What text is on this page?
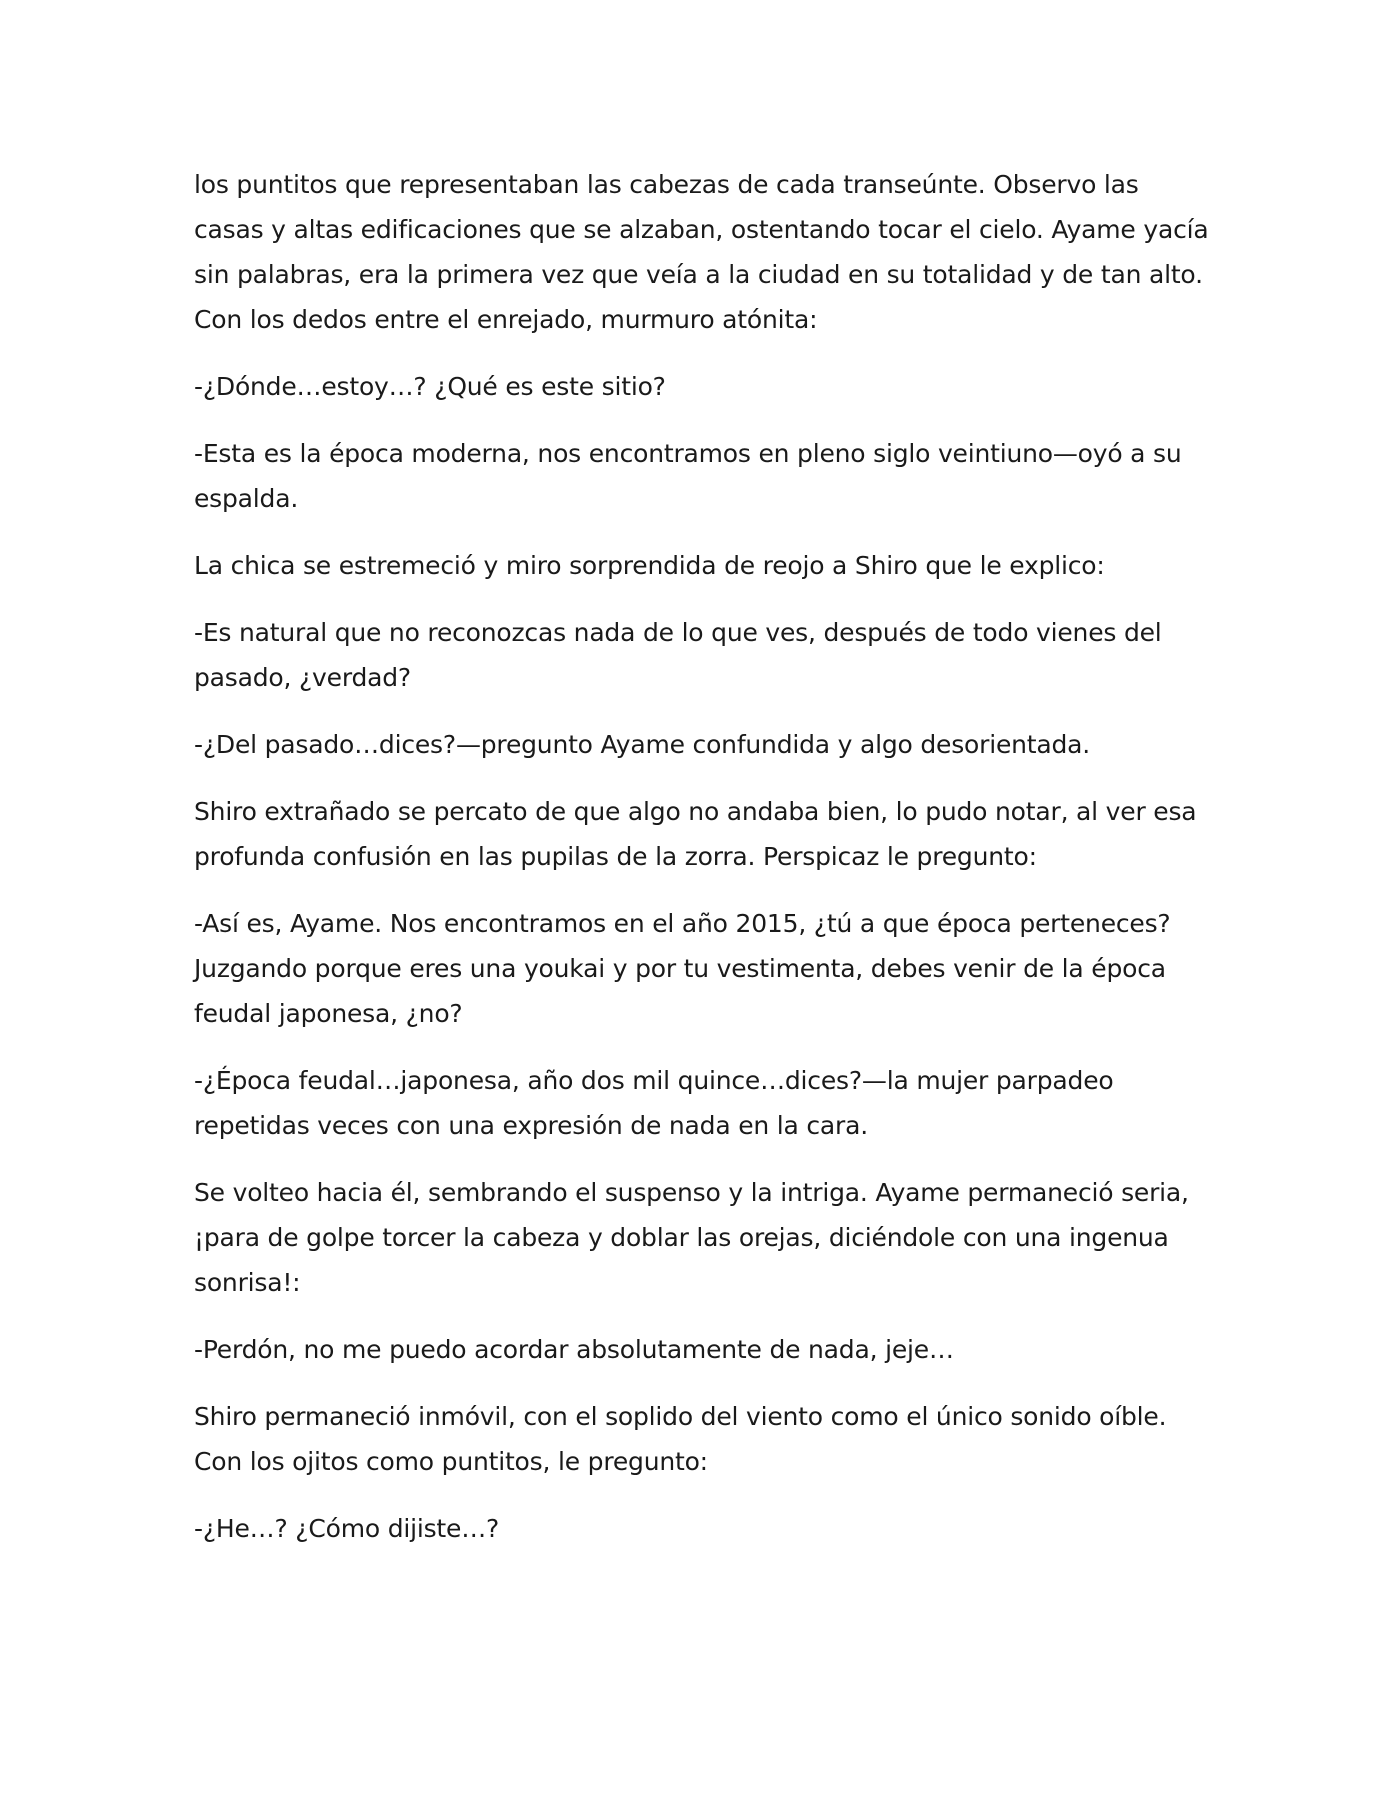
los puntitos que representaban las cabezas de cada transeúnte. Observo las casas y altas edificaciones que se alzaban, ostentando tocar el cielo. Ayame yacía sin palabras, era la primera vez que veía a la ciudad en su totalidad y de tan alto. Con los dedos entre el enrejado, murmuro atónita:

-¿Dónde…estoy…? ¿Qué es este sitio?

-Esta es la época moderna, nos encontramos en pleno siglo veintiuno—oyó a su espalda.

La chica se estremeció y miro sorprendida de reojo a Shiro que le explico:

-Es natural que no reconozcas nada de lo que ves, después de todo vienes del pasado, ¿verdad?

-¿Del pasado…dices?—pregunto Ayame confundida y algo desorientada.

Shiro extrañado se percato de que algo no andaba bien, lo pudo notar, al ver esa profunda confusión en las pupilas de la zorra. Perspicaz le pregunto:

-Así es, Ayame. Nos encontramos en el año 2015, ¿tú a que época perteneces? Juzgando porque eres una youkai y por tu vestimenta, debes venir de la época feudal japonesa, ¿no?

-¿Época feudal…japonesa, año dos mil quince…dices?—la mujer parpadeo repetidas veces con una expresión de nada en la cara.

Se volteo hacia él, sembrando el suspenso y la intriga. Ayame permaneció seria, ¡para de golpe torcer la cabeza y doblar las orejas, diciéndole con una ingenua sonrisa!:

-Perdón, no me puedo acordar absolutamente de nada, jeje…

Shiro permaneció inmóvil, con el soplido del viento como el único sonido oíble. Con los ojitos como puntitos, le pregunto:

-¿He…? ¿Cómo dijiste…?
